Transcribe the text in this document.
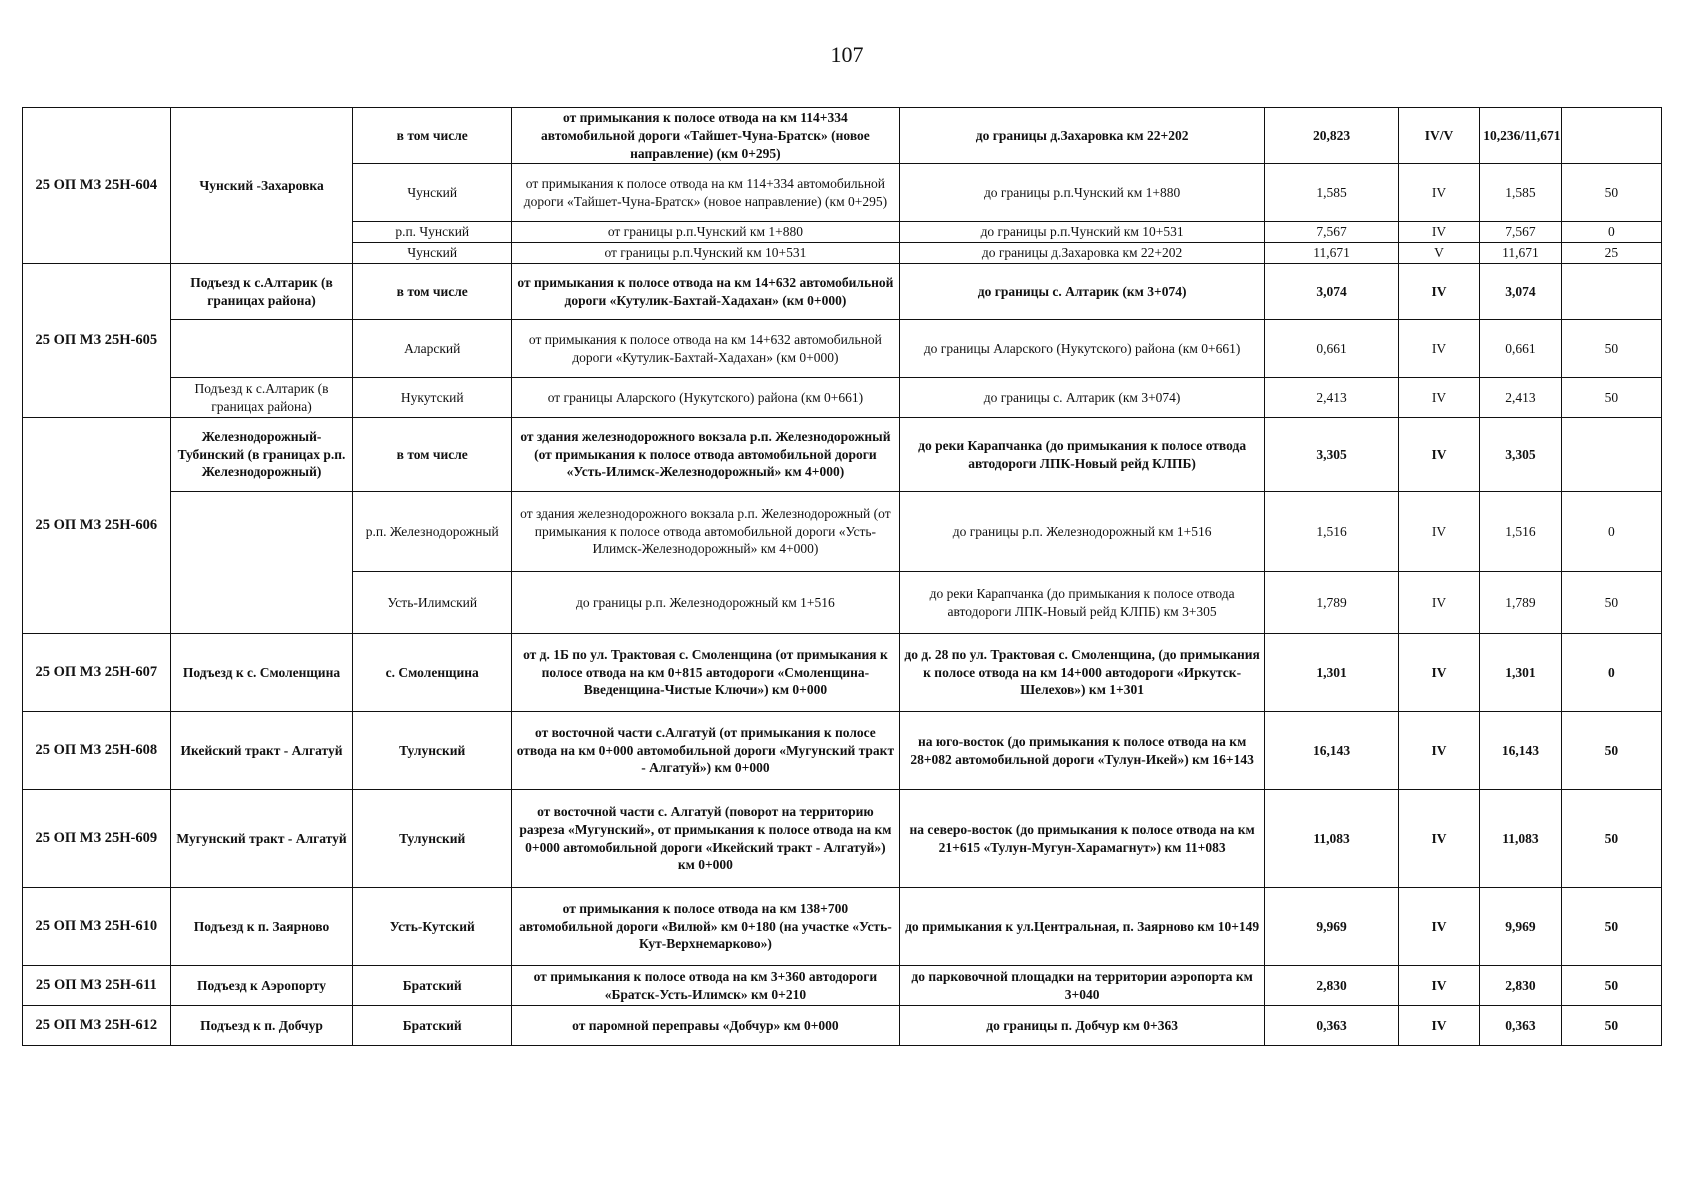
107
25 ОП МЗ 25Н-604	Чунский -Захаровка	в том числе	от примыкания к полосе отвода на км 114+334 автомобильной дороги «Тайшет-Чуна-Братск» (новое направление) (км 0+295)	до границы д.Захаровка км 22+202	20,823	IV/V	10,236/11,671	
		Чунский	от примыкания к полосе отвода на км 114+334 автомобильной дороги «Тайшет-Чуна-Братск» (новое направление) (км 0+295)	до границы р.п.Чунский км 1+880	1,585	IV	1,585	50
		р.п. Чунский	от границы р.п.Чунский км 1+880	до границы р.п.Чунский км 10+531	7,567	IV	7,567	0
		Чунский	от границы р.п.Чунский км 10+531	до границы д.Захаровка км 22+202	11,671	V	11,671	25
25 ОП МЗ 25Н-605	Подъезд к с.Алтарик (в границах района)	в том числе	от примыкания к полосе отвода на км 14+632 автомобильной дороги «Кутулик-Бахтай-Хадахан» (км 0+000)	до границы с. Алтарик (км 3+074)	3,074	IV	3,074	
		Аларский	от примыкания к полосе отвода на км 14+632 автомобильной дороги «Кутулик-Бахтай-Хадахан» (км 0+000)	до границы Аларского (Нукутского) района (км 0+661)	0,661	IV	0,661	50
	Подъезд к с.Алтарик (в границах района)	Нукутский	от границы Аларского (Нукутского) района (км 0+661)	до границы с. Алтарик (км 3+074)	2,413	IV	2,413	50
25 ОП МЗ 25Н-606	Железнодорожный-Тубинский (в границах р.п. Железнодорожный)	в том числе	от здания железнодорожного вокзала р.п. Железнодорожный (от примыкания к полосе отвода автомобильной дороги «Усть-Илимск-Железнодорожный» км 4+000)	до реки Карапчанка (до примыкания к полосе отвода автодороги ЛПК-Новый рейд КЛПБ)	3,305	IV	3,305	
		р.п. Железнодорожный	от здания железнодорожного вокзала р.п. Железнодорожный (от примыкания к полосе отвода автомобильной дороги «Усть-Илимск-Железнодорожный» км 4+000)	до границы р.п. Железнодорожный км 1+516	1,516	IV	1,516	0
		Усть-Илимский	до границы р.п. Железнодорожный км 1+516	до реки Карапчанка (до примыкания к полосе отвода автодороги ЛПК-Новый рейд КЛПБ) км 3+305	1,789	IV	1,789	50
25 ОП МЗ 25Н-607	Подъезд к с. Смоленщина	с. Смоленщина	от д. 1Б по ул. Трактовая с. Смоленщина (от примыкания к полосе отвода на км 0+815 автодороги «Смоленщина-Введенщина-Чистые Ключи») км 0+000	до д. 28 по ул. Трактовая с. Смоленщина, (до примыкания к полосе отвода на км 14+000 автодороги «Иркутск-Шелехов») км 1+301	1,301	IV	1,301	0
25 ОП МЗ 25Н-608	Икейский тракт - Алгатуй	Тулунский	от восточной части с.Алгатуй (от примыкания к полосе отвода на км 0+000 автомобильной дороги «Мугунский тракт - Алгатуй») км 0+000	на юго-восток (до примыкания к полосе отвода на км 28+082 автомобильной дороги «Тулун-Икей») км 16+143	16,143	IV	16,143	50
25 ОП МЗ 25Н-609	Мугунский тракт - Алгатуй	Тулунский	от восточной части с. Алгатуй (поворот на территорию разреза «Мугунский», от примыкания к полосе отвода на км 0+000 автомобильной дороги «Икейский тракт - Алгатуй») км 0+000	на северо-восток (до примыкания к полосе отвода на км 21+615 «Тулун-Мугун-Харамагнут») км 11+083	11,083	IV	11,083	50
25 ОП МЗ 25Н-610	Подъезд к п. Заярново	Усть-Кутский	от примыкания к полосе отвода на км 138+700 автомобильной дороги «Вилюй» км 0+180 (на участке «Усть-Кут-Верхнемарково»)	до примыкания к ул.Центральная, п. Заярново км 10+149	9,969	IV	9,969	50
25 ОП МЗ 25Н-611	Подъезд к Аэропорту	Братский	от примыкания к полосе отвода на км 3+360 автодороги «Братск-Усть-Илимск» км 0+210	до парковочной площадки на территории аэропорта км 3+040	2,830	IV	2,830	50
25 ОП МЗ 25Н-612	Подъезд к п. Добчур	Братский	от паромной переправы «Добчур» км 0+000	до границы п. Добчур км 0+363	0,363	IV	0,363	50
